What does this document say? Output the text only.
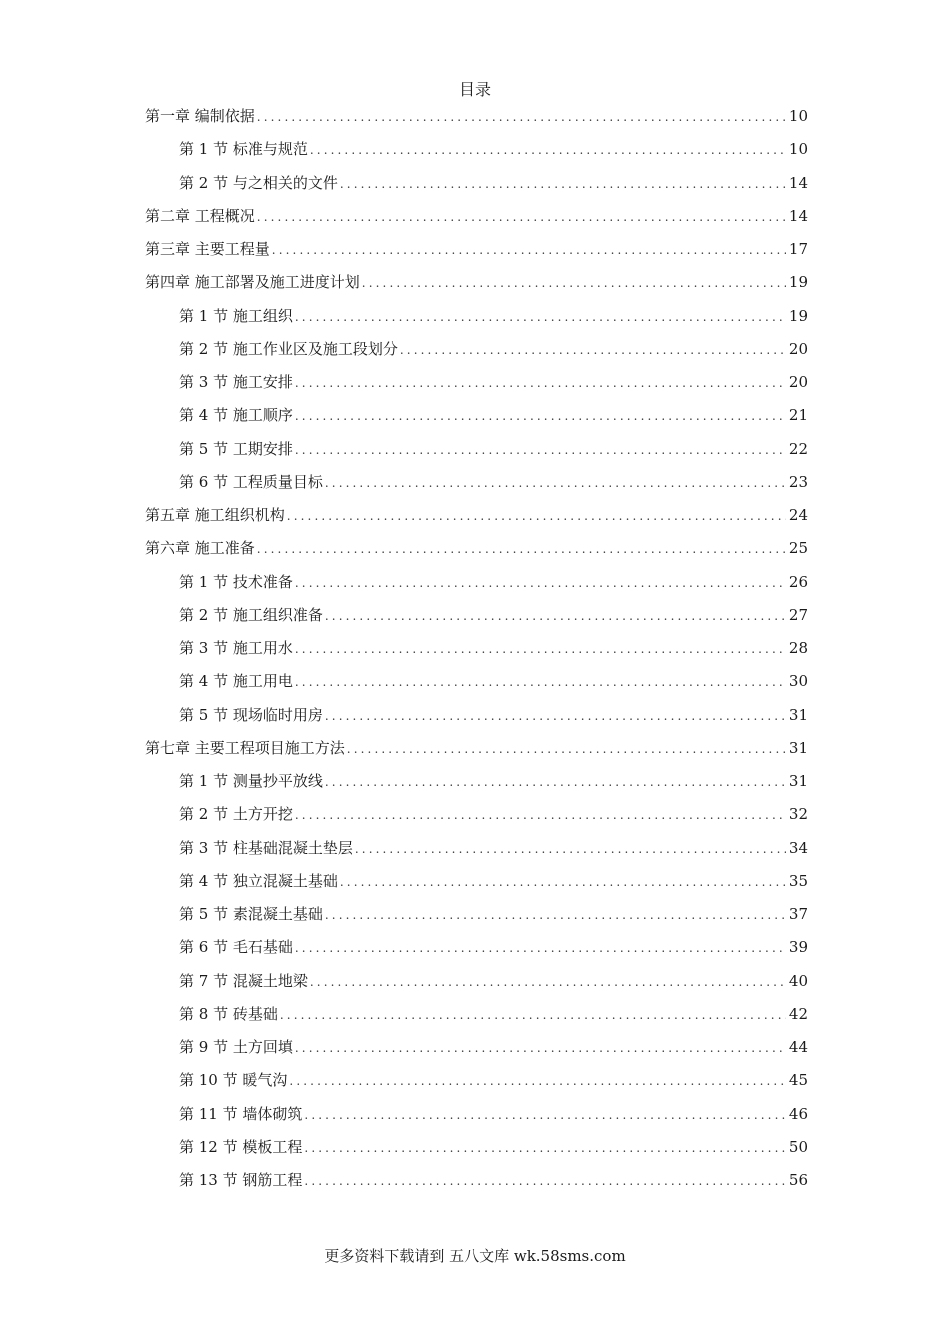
目录
第一章 编制依据 .....	10
第 1 节 标准与规范 .....	10
第 2 节 与之相关的文件 .....	14
第二章 工程概况 .....	14
第三章 主要工程量 .....	17
第四章 施工部署及施工进度计划 .....	19
第 1 节 施工组织 .....	19
第 2 节 施工作业区及施工段划分 .....	20
第 3 节 施工安排 .....	20
第 4 节 施工顺序 .....	21
第 5 节 工期安排 .....	22
第 6 节 工程质量目标 .....	23
第五章 施工组织机构 .....	24
第六章 施工准备 .....	25
第 1 节 技术准备 .....	26
第 2 节 施工组织准备 .....	27
第 3 节 施工用水 .....	28
第 4 节 施工用电 .....	30
第 5 节 现场临时用房 .....	31
第七章 主要工程项目施工方法 .....	31
第 1 节 测量抄平放线 .....	31
第 2 节 土方开挖 .....	32
第 3 节 柱基础混凝土垫层 .....	34
第 4 节 独立混凝土基础 .....	35
第 5 节 素混凝土基础 .....	37
第 6 节 毛石基础 .....	39
第 7 节 混凝土地梁 .....	40
第 8 节 砖基础 .....	42
第 9 节 土方回填 .....	44
第 10 节 暖气沟 .....	45
第 11 节 墙体砌筑 .....	46
第 12 节 模板工程 .....	50
第 13 节 钢筋工程 .....	56
更多资料下载请到 五八文库 wk.58sms.com
